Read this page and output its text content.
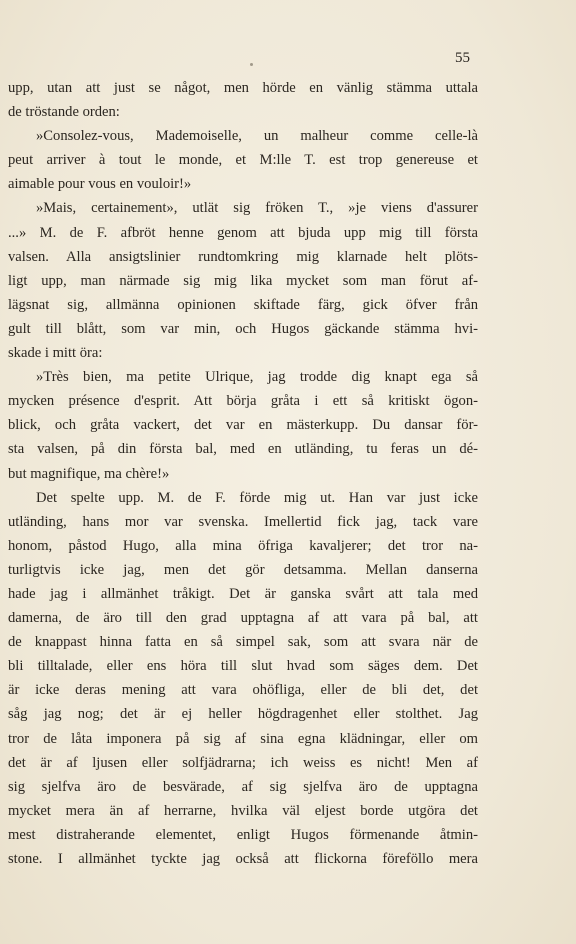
55
upp, utan att just se något, men hörde en vänlig stämma uttala
de tröstande orden:
»Consolez-vous, Mademoiselle, un malheur comme celle-là
peut arriver à tout le monde, et M:lle T. est trop genereuse et
aimable pour vous en vouloir!»
»Mais, certainement», utlät sig fröken T., »je viens d'assurer
...» M. de F. afbröt henne genom att bjuda upp mig till första
valsen. Alla ansigtslinier rundtomkring mig klarnade helt plöts-
ligt upp, man närmade sig mig lika mycket som man förut af-
lägsnat sig, allmänna opinionen skiftade färg, gick öfver från
gult till blått, som var min, och Hugos gäckande stämma hvi-
skade i mitt öra:
»Très bien, ma petite Ulrique, jag trodde dig knapt ega så
mycken présence d'esprit. Att börja gråta i ett så kritiskt ögon-
blick, och gråta vackert, det var en mästerkupp. Du dansar för-
sta valsen, på din första bal, med en utländing, tu feras un dé-
but magnifique, ma chère!»
Det spelte upp. M. de F. förde mig ut. Han var just icke
utländing, hans mor var svenska. Imellertid fick jag, tack vare
honom, påstod Hugo, alla mina öfriga kavaljerer; det tror na-
turligtvis icke jag, men det gör detsamma. Mellan danserna
hade jag i allmänhet tråkigt. Det är ganska svårt att tala med
damerna, de äro till den grad upptagna af att vara på bal, att
de knappast hinna fatta en så simpel sak, som att svara när de
bli tilltalade, eller ens höra till slut hvad som säges dem. Det
är icke deras mening att vara ohöfliga, eller de bli det, det
såg jag nog; det är ej heller högdragenhet eller stolthet. Jag
tror de låta imponera på sig af sina egna klädningar, eller om
det är af ljusen eller solfjädrarna; ich weiss es nicht! Men af
sig sjelfva äro de besvärade, af sig sjelfva äro de upptagna
mycket mera än af herrarne, hvilka väl eljest borde utgöra det
mest distraherande elementet, enligt Hugos förmenande åtmin-
stone. I allmänhet tyckte jag också att flickorna föreföllo mera
